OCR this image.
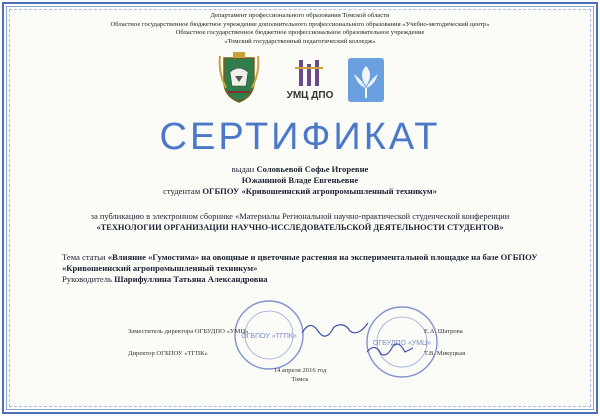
Департамент профессионального образования Томской области
Областное государственное бюджетное учреждение дополнительного профессионального образования «Учебно-методический центр»
Областное государственное бюджетное профессиональное образовательное учреждение
«Томский государственный педагогический колледж»
УМЦ ДПО
СЕРТИФИКАТ
выдан Соловьевой Софье Игоревне
Южаниной Владе Евгеньевне
студентам ОГБПОУ «Кривошеинский агропромышленный техникум»
за публикацию в электронном сборнике «Материалы Региональной научно-практической студенческой конференции
«ТЕХНОЛОГИИ ОРГАНИЗАЦИИ НАУЧНО-ИССЛЕДОВАТЕЛЬСКОЙ ДЕЯТЕЛЬНОСТИ СТУДЕНТОВ»
Тема статьи «Влияние «Гумостима» на овощные и цветочные растения на экспериментальной площадке на базе ОГБПОУ «Кривошеинский агропромышленный техникум»
Руководитель Шарифуллина Татьяна Александровна
ОГБПОУ «ТГПК»
ОГБУДПО «УМЦ»
Заместитель директора ОГБУДПО «УМЦ»	Е.А. Шатрова
Директор ОГБПОУ «ТГПК»	Т.В. Микуцкая
14 апреля 2016 год
Томск
